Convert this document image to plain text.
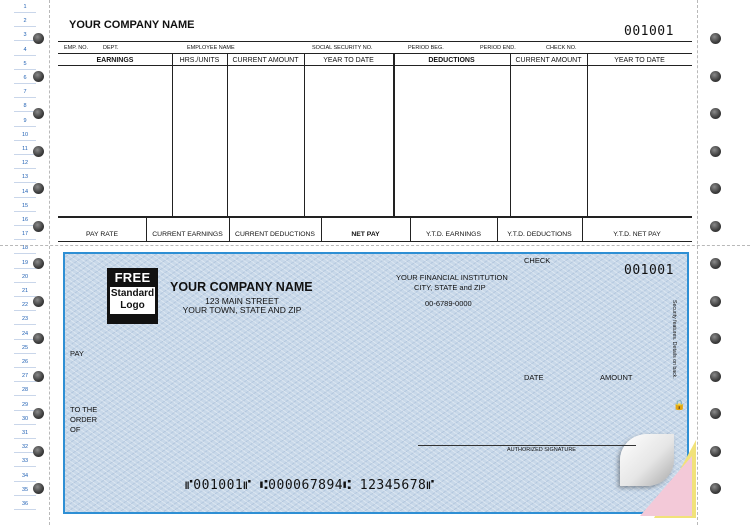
1
2
3
4
5
6
7
8
9
10
11
12
13
14
15
16
17
18
19
20
21
22
23
24
25
26
27
28
29
30
31
32
33
34
35
36
YOUR COMPANY NAME	001001
EMP. NO.	DEPT.	EMPLOYEE NAME	SOCIAL SECURITY NO.	PERIOD BEG.	PERIOD END.	CHECK NO.
EARNINGS	HRS./UNITS	CURRENT AMOUNT	YEAR TO DATE	DEDUCTIONS	CURRENT AMOUNT	YEAR TO DATE
PAY RATE	CURRENT EARNINGS	CURRENT DEDUCTIONS	NET PAY	Y.T.D. EARNINGS	Y.T.D. DEDUCTIONS	Y.T.D. NET PAY
FREE
Standard
Logo
YOUR COMPANY NAME
123 MAIN STREET
YOUR TOWN, STATE AND ZIP
YOUR FINANCIAL INSTITUTION
CITY, STATE and ZIP
00-6789-0000
CHECK
001001
PAY
DATE	AMOUNT
TO THE
ORDER
OF
AUTHORIZED SIGNATURE
⑈001001⑈ ⑆000067894⑆ 12345678⑈
Security features. Details on back.
🔒
